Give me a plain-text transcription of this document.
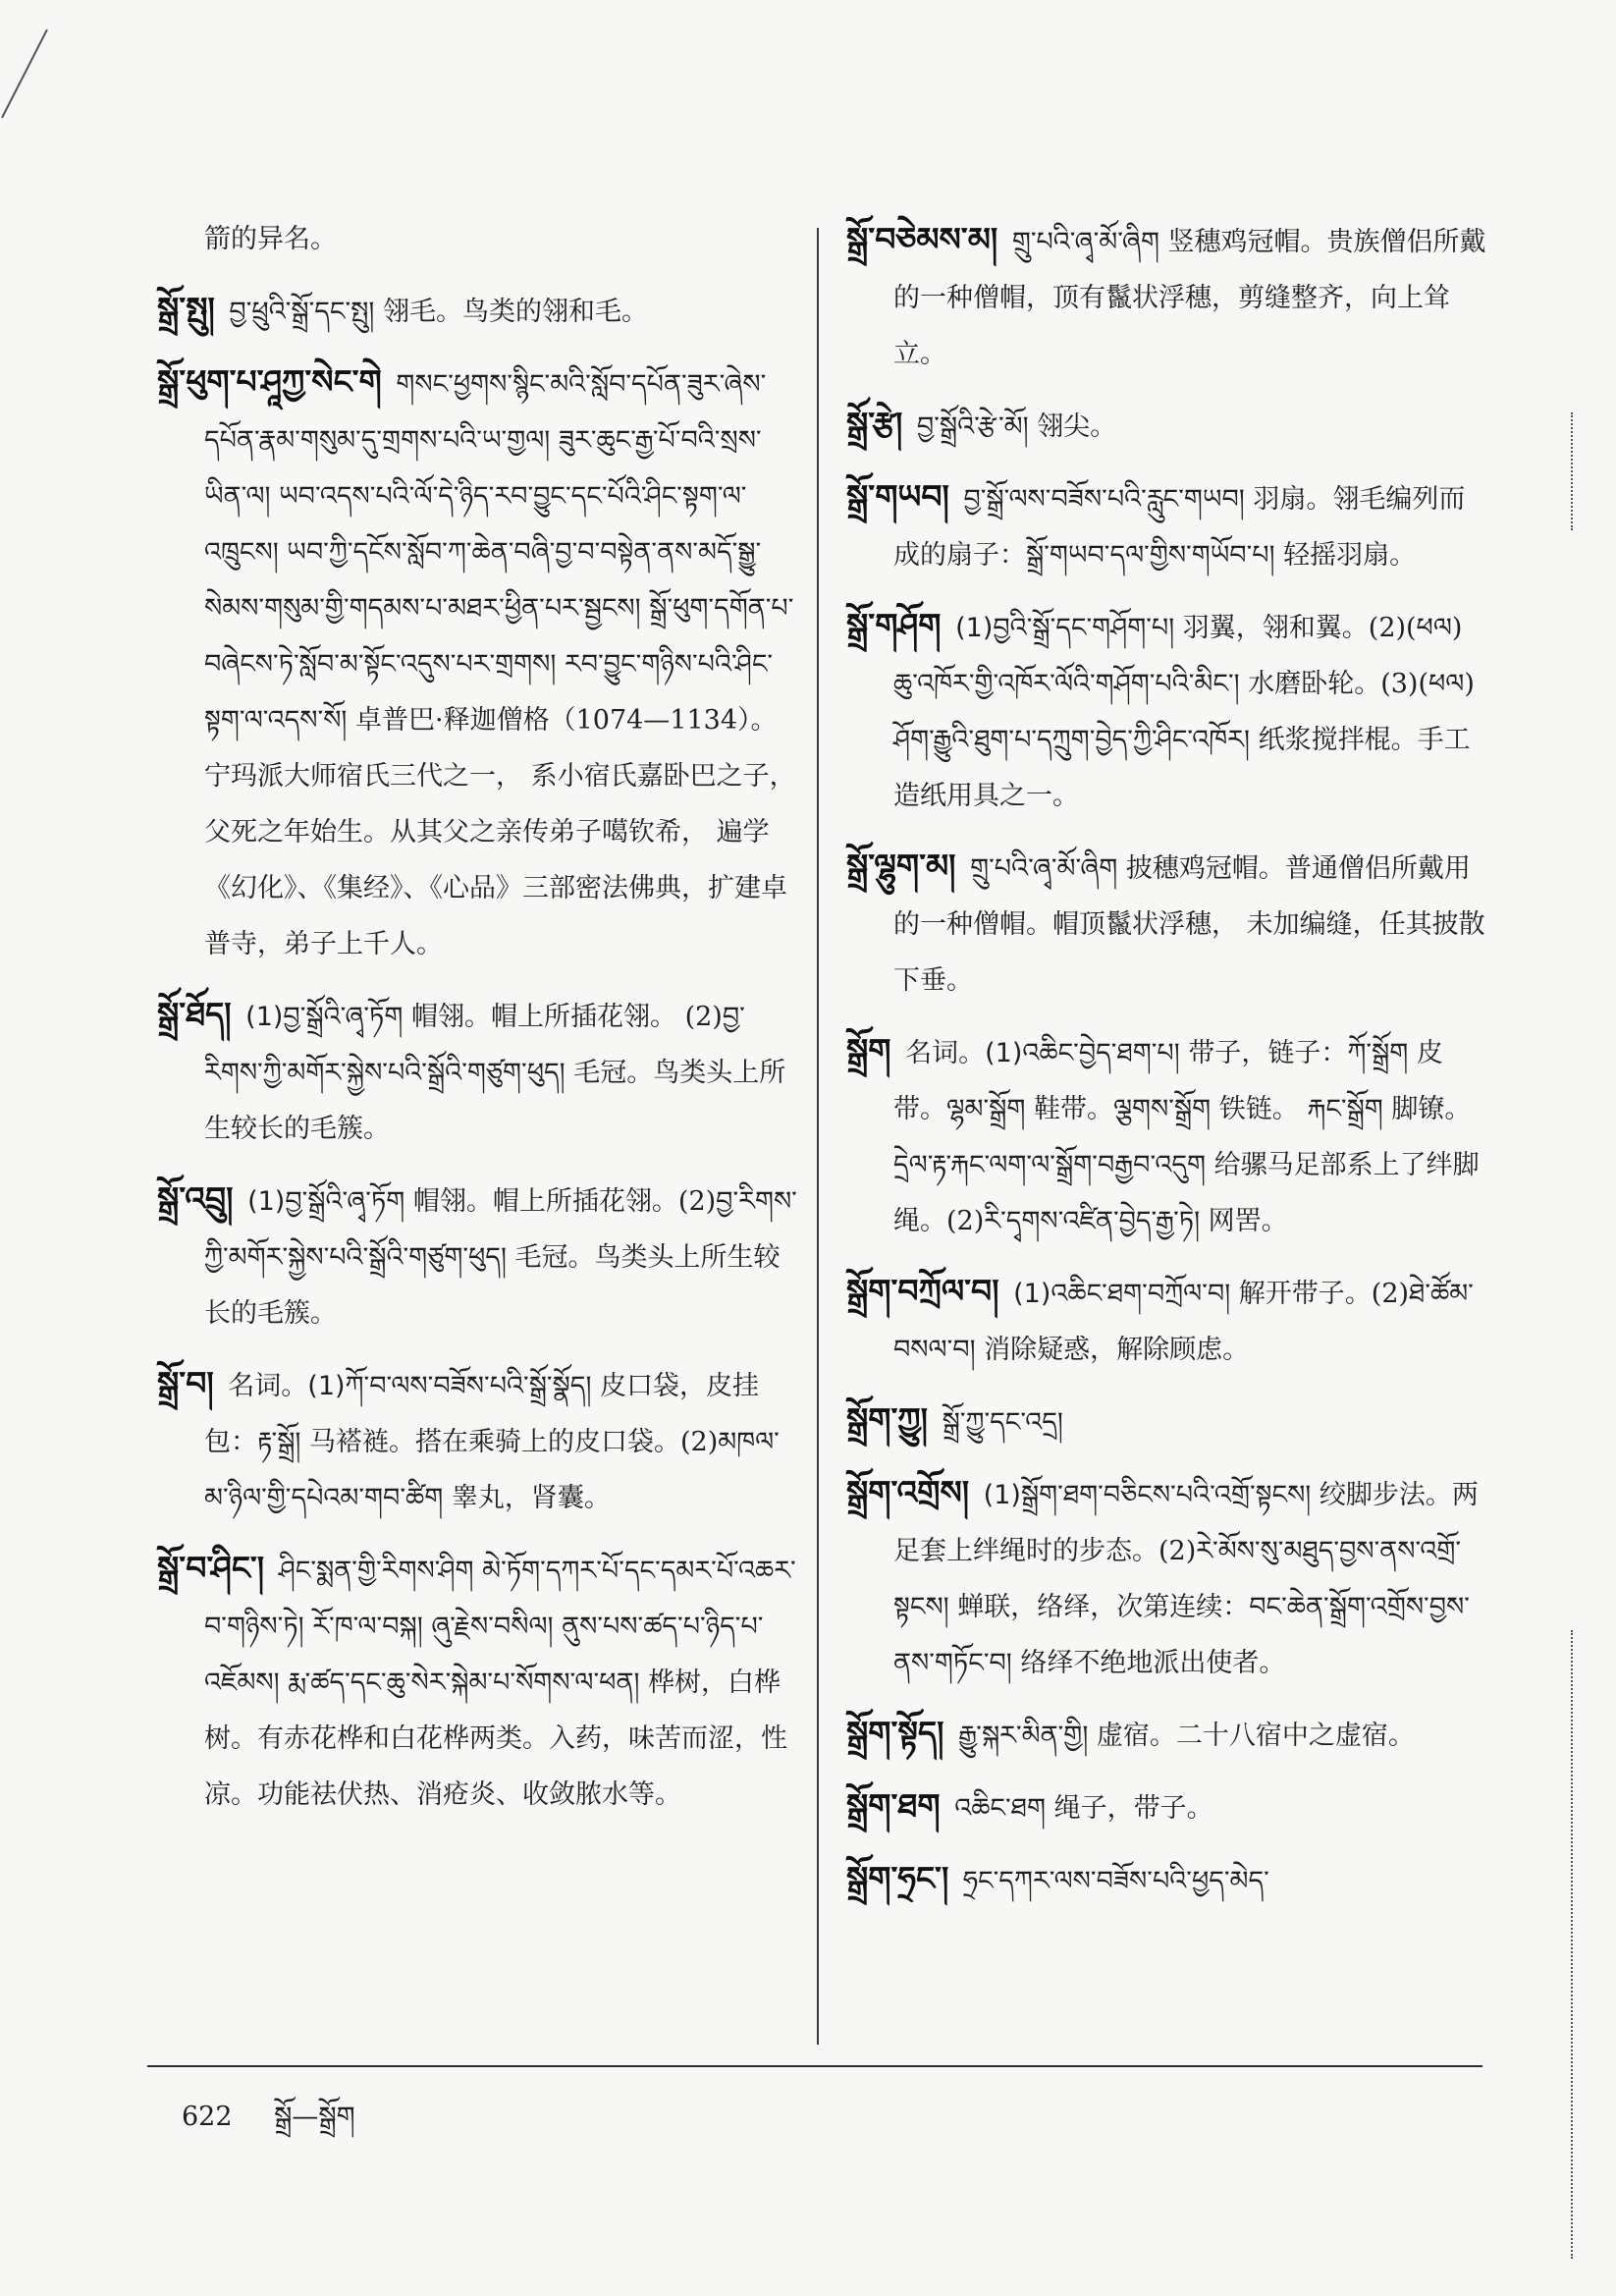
箭的异名。
སྒྲོ་སྤུ། བྱ་ཕྲུའི་སྒྲོ་དང་སྤུ། 翎毛。鸟类的翎和毛。
སྒྲོ་ཕུག་པ་ཤཱཀྱ་སེང་གེ གསང་ཕྱགས་སྙིང་མའི་སློབ་དཔོན་ཟུར་ཞེས་དཔོན་རྣམ་གསུམ་དུ་གྲགས་པའི་ཡ་གྱལ། ཟུར་ཆུང་རྒྱ་པོ་བའི་སྲས་ཡིན་ལ། ཡབ་འདས་པའི་ལོ་དེ་ཉིད་རབ་བྱུང་དང་པོའི་ཤིང་སྟག་ལ་འཁྲུངས། ཡབ་ཀྱི་དངོས་སློབ་ཀ་ཆེན་བཞི་བྱ་བ་བསྟེན་ནས་མདོ་སྒྱུ་སེམས་གསུམ་གྱི་གདམས་པ་མཐར་ཕྱིན་པར་སྦྱངས། སྒྲོ་ཕུག་དགོན་པ་བཞེངས་ཏེ་སློབ་མ་སྟོང་འདུས་པར་གྲགས། རབ་བྱུང་གཉིས་པའི་ཤིང་སྟག་ལ་འདས་སོ། 卓普巴·释迦僧格（1074—1134）。宁玛派大师宿氏三代之一， 系小宿氏嘉卧巴之子，父死之年始生。从其父之亲传弟子噶钦希， 遍学《幻化》、《集经》、《心品》三部密法佛典，扩建卓普寺，弟子上千人。
སྒྲོ་ཐོད། (1)བྱ་སྒྲོའི་ཞྭ་ཏོག 帽翎。帽上所插花翎。 (2)བྱ་རིགས་ཀྱི་མགོར་སྐྱེས་པའི་སྒྲོའི་གཙུག་ཕུད། 毛冠。鸟类头上所生较长的毛簇。
སྒྲོ་འབྲུ། (1)བྱ་སྒྲོའི་ཞྭ་ཏོག 帽翎。帽上所插花翎。(2)བྱ་རིགས་ཀྱི་མགོར་སྐྱེས་པའི་སྒྲོའི་གཙུག་ཕུད། 毛冠。鸟类头上所生较长的毛簇。
སྒྲོ་བ། 名词。(1)ཀོ་བ་ལས་བཟོས་པའི་སྒྲོ་སྣོད། 皮口袋，皮挂包：རྟ་སྒྲོ། 马褡裢。搭在乘骑上的皮口袋。(2)མཁལ་མ་ཉིལ་གྱི་དཔེའམ་གབ་ཚིག 睾丸，肾囊。
སྒྲོ་བ་ཤིང་། ཤིང་སྨན་གྱི་རིགས་ཤིག མེ་ཏོག་དཀར་པོ་དང་དམར་པོ་འཆར་བ་གཉིས་ཏེ། རོ་ཁ་ལ་བསྐ། ཞུ་རྗེས་བསིལ། ནུས་པས་ཚད་པ་ཉིད་པ་འཇོམས། རྨ་ཚད་དང་ཆུ་སེར་སྐེམ་པ་སོགས་ལ་ཕན། 桦树，白桦树。有赤花桦和白花桦两类。入药，味苦而涩，性凉。功能祛伏热、消疮炎、收敛脓水等。
སྒྲོ་བཅེམས་མ། གྲུ་པའི་ཞྭ་མོ་ཞིག 竖穗鸡冠帽。贵族僧侣所戴的一种僧帽，顶有鬣状浮穗，剪缝整齐，向上耸立。
སྒྲོ་རྩེ། བྱ་སྒྲོའི་རྩེ་མོ། 翎尖。
སྒྲོ་གཡབ། བྱ་སྒྲོ་ལས་བཟོས་པའི་རླུང་གཡབ། 羽扇。翎毛编列而成的扇子：སྒྲོ་གཡབ་དལ་གྱིས་གཡོབ་པ། 轻摇羽扇。
སྒྲོ་གཤོག (1)བྱའི་སྒྲོ་དང་གཤོག་པ། 羽翼，翎和翼。(2)(ཕལ) ཆུ་འཁོར་གྱི་འཁོར་ལོའི་གཤོག་པའི་མིང་། 水磨卧轮。(3)(ཕལ) ཤོག་རྒྱུའི་ཐུག་པ་དཀྲུག་བྱེད་ཀྱི་ཤིང་འཁོར། 纸浆搅拌棍。手工造纸用具之一。
སྒྲོ་ལྷུག་མ། གྲུ་པའི་ཞྭ་མོ་ཞིག 披穗鸡冠帽。普通僧侣所戴用的一种僧帽。帽顶鬣状浮穗， 未加编缝，任其披散下垂。
སྒྲོག 名词。(1)འཆིང་བྱེད་ཐག་པ། 带子，链子：ཀོ་སྒྲོག 皮带。ལྷམ་སྒྲོག 鞋带。ལྕགས་སྒྲོག 铁链。 རྐང་སྒྲོག 脚镣。 དྲེལ་རྟ་རྐང་ལག་ལ་སྒྲོག་བརྒྱབ་འདུག 给骡马足部系上了绊脚绳。(2)རི་དྭགས་འཛིན་བྱེད་རྒྱ་ཏེ། 网罟。
སྒྲོག་བཀྲོལ་བ། (1)འཆིང་ཐག་བཀྲོལ་བ། 解开带子。(2)ཐེ་ཚོམ་བསལ་བ། 消除疑惑，解除顾虑。
སྒྲོག་ཀྱུ། སྒྲོ་ཀྱུ་དང་འདྲ།
སྒྲོག་འགྲོས། (1)སྒྲོག་ཐག་བཅིངས་པའི་འགྲོ་སྟངས། 绞脚步法。两足套上绊绳时的步态。(2)རེ་མོས་སུ་མཐུད་བྱས་ནས་འགྲོ་སྟངས། 蝉联，络绎，次第连续：བང་ཆེན་སྒྲོག་འགྲོས་བྱས་ནས་གཏོང་བ། 络绎不绝地派出使者。
སྒྲོག་སྟོད། རྒྱུ་སྐར་མིན་གྱི། 虚宿。二十八宿中之虚宿。
སྒྲོག་ཐག འཆིང་ཐག 绳子，带子。
སྒྲོག་ཧྲང་། ཧྲང་དཀར་ལས་བཟོས་པའི་ཕྱད་མེད་
622 སྒྲོ—སྒྲོག
